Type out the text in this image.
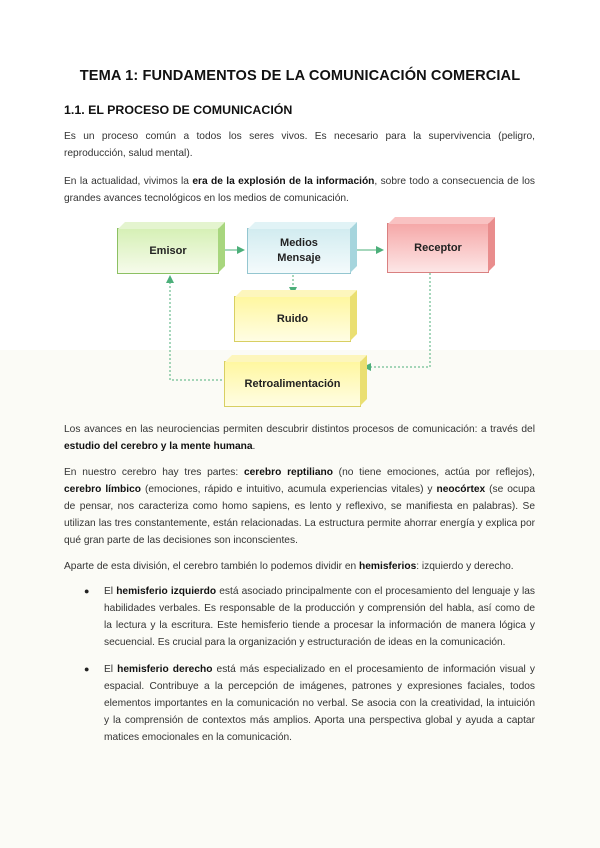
TEMA 1: FUNDAMENTOS DE LA COMUNICACIÓN COMERCIAL
1.1. EL PROCESO DE COMUNICACIÓN
Es un proceso común a todos los seres vivos. Es necesario para la supervivencia (peligro, reproducción, salud mental).
En la actualidad, vivimos la era de la explosión de la información, sobre todo a consecuencia de los grandes avances tecnológicos en los medios de comunicación.
Emisor
Medios
Mensaje
Receptor
Ruido
Retroalimentación
Los avances en las neurociencias permiten descubrir distintos procesos de comunicación: a través del estudio del cerebro y la mente humana.
En nuestro cerebro hay tres partes: cerebro reptiliano (no tiene emociones, actúa por reflejos), cerebro límbico (emociones, rápido e intuitivo, acumula experiencias vitales) y neocórtex (se ocupa de pensar, nos caracteriza como homo sapiens, es lento y reflexivo, se manifiesta en palabras). Se utilizan las tres constantemente, están relacionadas. La estructura permite ahorrar energía y explica por qué gran parte de las decisiones son inconscientes.
Aparte de esta división, el cerebro también lo podemos dividir en hemisferios: izquierdo y derecho.
● El hemisferio izquierdo está asociado principalmente con el procesamiento del lenguaje y las habilidades verbales. Es responsable de la producción y comprensión del habla, así como de la lectura y la escritura. Este hemisferio tiende a procesar la información de manera lógica y secuencial. Es crucial para la organización y estructuración de ideas en la comunicación.
● El hemisferio derecho está más especializado en el procesamiento de información visual y espacial. Contribuye a la percepción de imágenes, patrones y expresiones faciales, todos elementos importantes en la comunicación no verbal. Se asocia con la creatividad, la intuición y la comprensión de contextos más amplios. Aporta una perspectiva global y ayuda a captar matices emocionales en la comunicación.
